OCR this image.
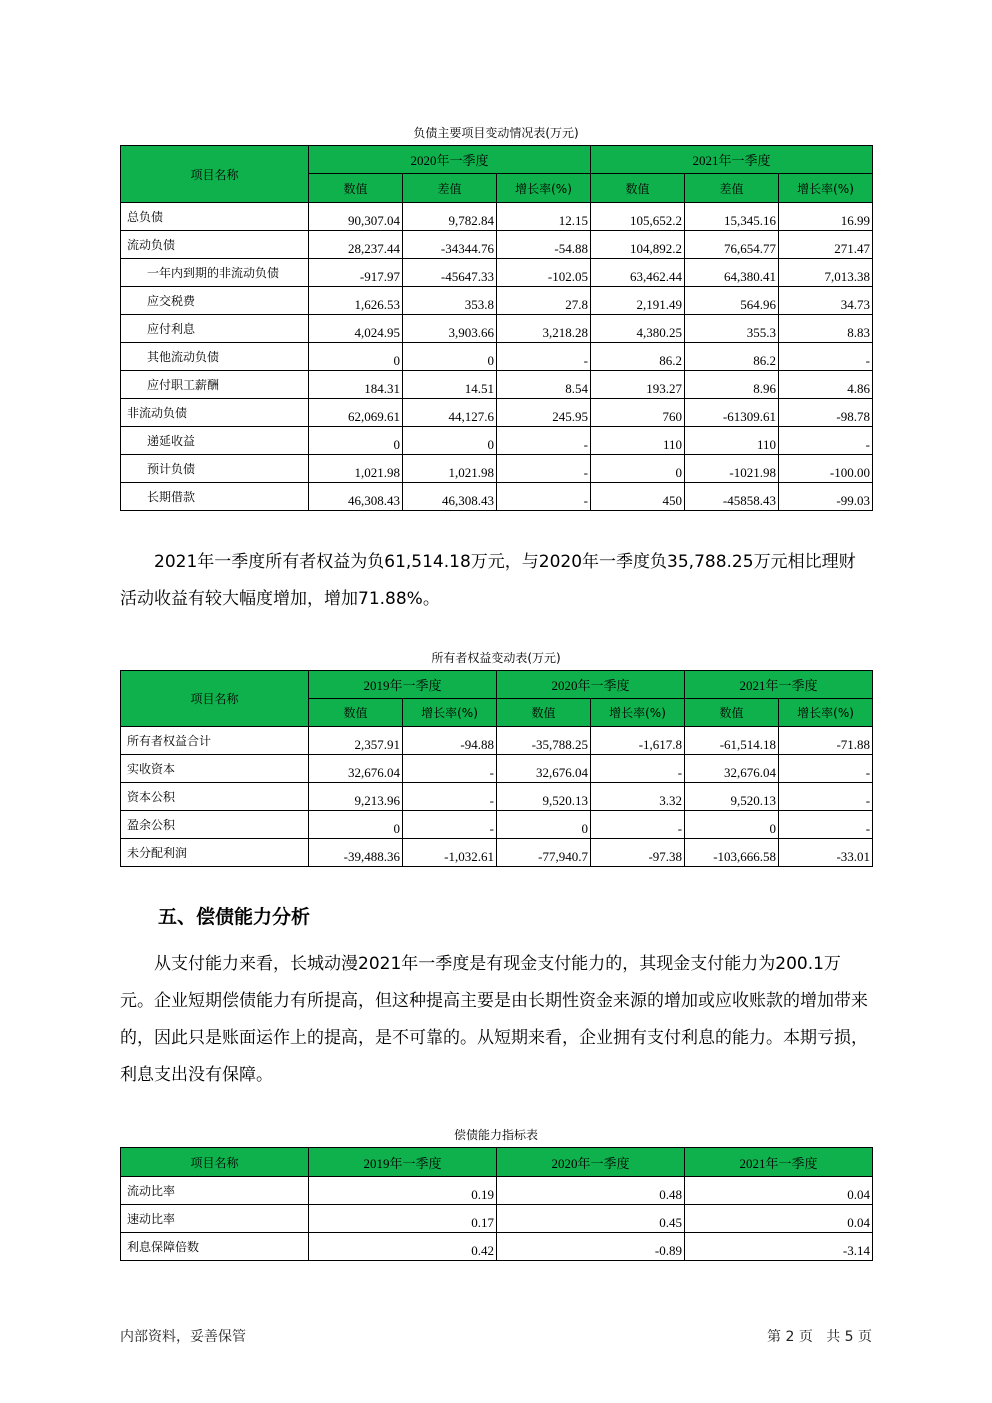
负债主要项目变动情况表(万元)
项目名称	2020年一季度			2021年一季度		
	数值	差值	增长率(%)	数值	差值	增长率(%)
总负债	90,307.04	9,782.84	12.15	105,652.2	15,345.16	16.99
流动负债	28,237.44	-34344.76	-54.88	104,892.2	76,654.77	271.47
一年内到期的非流动负债	-917.97	-45647.33	-102.05	63,462.44	64,380.41	7,013.38
应交税费	1,626.53	353.8	27.8	2,191.49	564.96	34.73
应付利息	4,024.95	3,903.66	3,218.28	4,380.25	355.3	8.83
其他流动负债	0	0	-	86.2	86.2	-
应付职工薪酬	184.31	14.51	8.54	193.27	8.96	4.86
非流动负债	62,069.61	44,127.6	245.95	760	-61309.61	-98.78
递延收益	0	0	-	110	110	-
预计负债	1,021.98	1,021.98	-	0	-1021.98	-100.00
长期借款	46,308.43	46,308.43	-	450	-45858.43	-99.03

2021年一季度所有者权益为负61,514.18万元，与2020年一季度负35,788.25万元相比理财活动收益有较大幅度增加，增加71.88%。

所有者权益变动表(万元)
项目名称	2019年一季度		2020年一季度		2021年一季度	
	数值	增长率(%)	数值	增长率(%)	数值	增长率(%)
所有者权益合计	2,357.91	-94.88	-35,788.25	-1,617.8	-61,514.18	-71.88
实收资本	32,676.04	-	32,676.04	-	32,676.04	-
资本公积	9,213.96	-	9,520.13	3.32	9,520.13	-
盈余公积	0	-	0	-	0	-
未分配利润	-39,488.36	-1,032.61	-77,940.7	-97.38	-103,666.58	-33.01
五、偿债能力分析

从支付能力来看，长城动漫2021年一季度是有现金支付能力的，其现金支付能力为200.1万元。企业短期偿债能力有所提高，但这种提高主要是由长期性资金来源的增加或应收账款的增加带来的，因此只是账面运作上的提高，是不可靠的。从短期来看，企业拥有支付利息的能力。本期亏损，利息支出没有保障。

偿债能力指标表
项目名称	2019年一季度	2020年一季度	2021年一季度
流动比率	0.19	0.48	0.04
速动比率	0.17	0.45	0.04
利息保障倍数	0.42	-0.89	-3.14
内部资料，妥善保管	第 2 页   共 5 页
